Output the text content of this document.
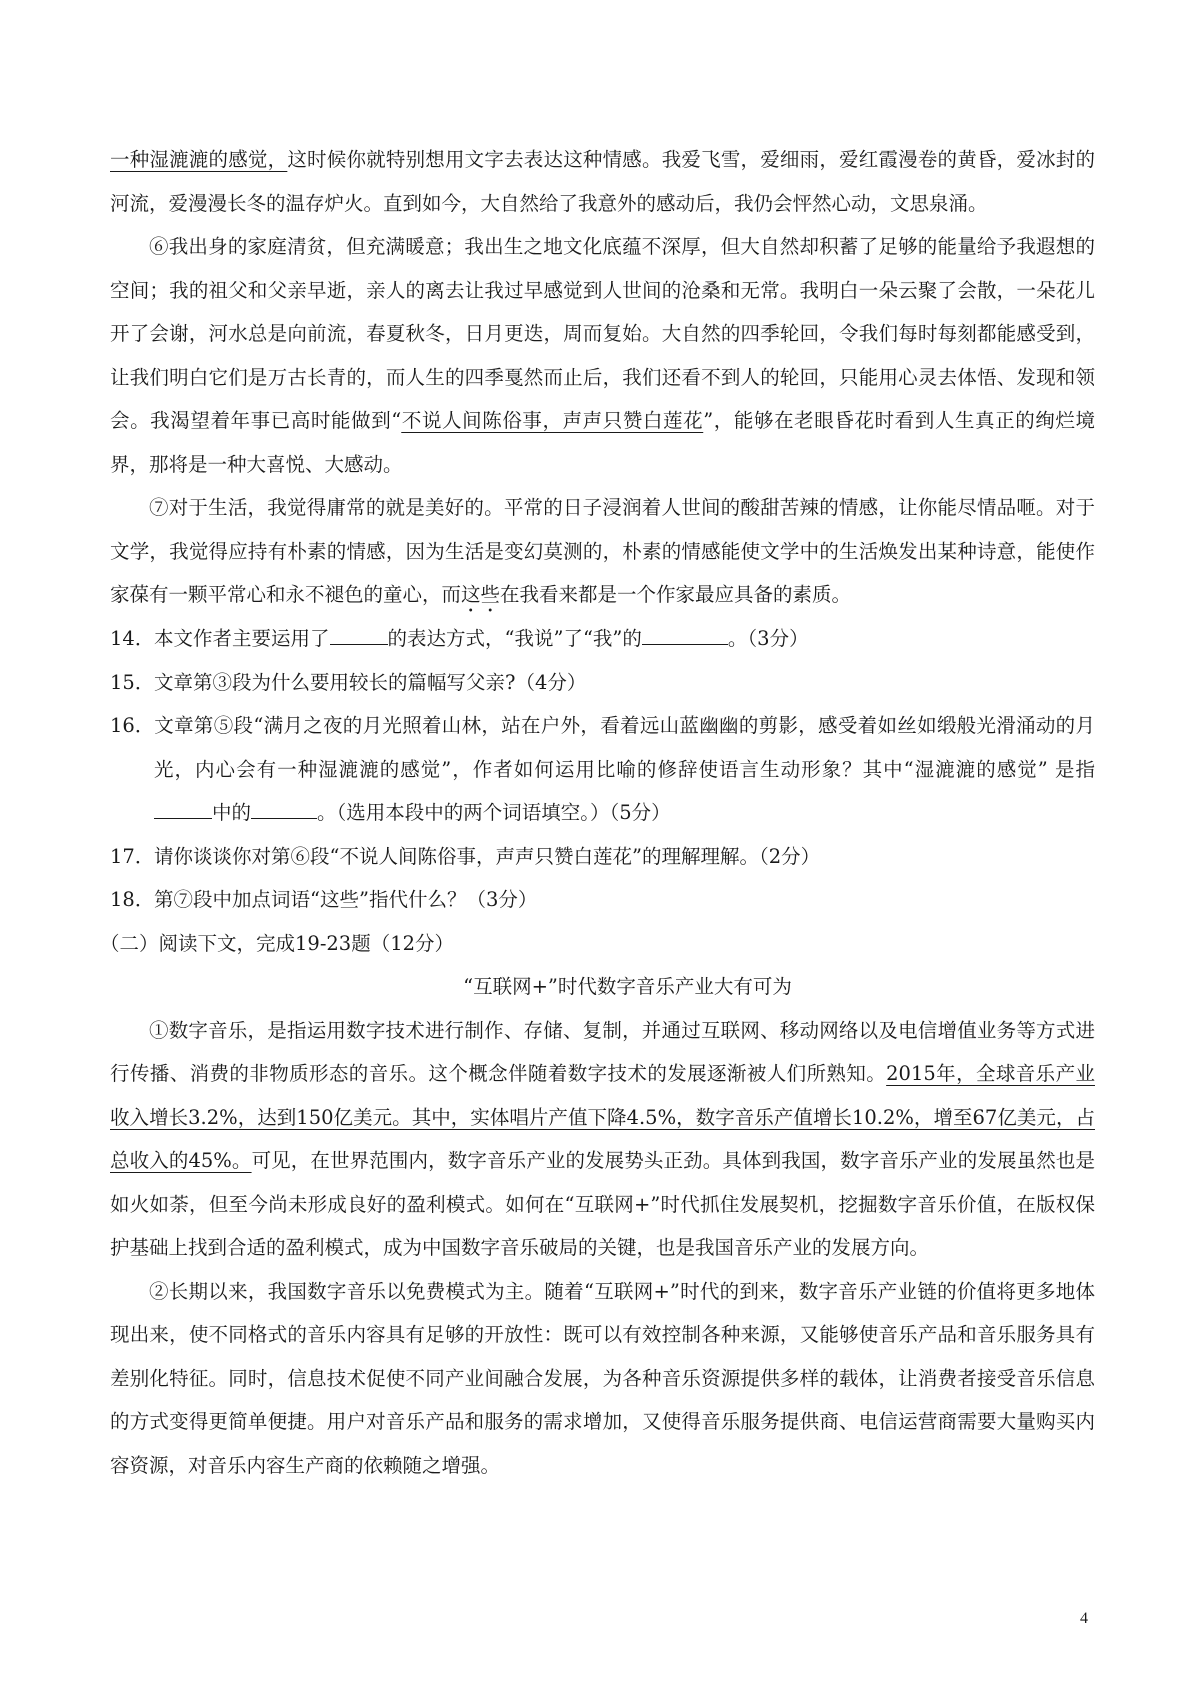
一种湿漉漉的感觉，这时候你就特别想用文字去表达这种情感。我爱飞雪，爱细雨，爱红霞漫卷的黄昏，爱冰封的河流，爱漫漫长冬的温存炉火。直到如今，大自然给了我意外的感动后，我仍会怦然心动，文思泉涌。

⑥我出身的家庭清贫，但充满暖意；我出生之地文化底蕴不深厚，但大自然却积蓄了足够的能量给予我遐想的空间；我的祖父和父亲早逝，亲人的离去让我过早感觉到人世间的沧桑和无常。我明白一朵云聚了会散，一朵花儿开了会谢，河水总是向前流，春夏秋冬，日月更迭，周而复始。大自然的四季轮回，令我们每时每刻都能感受到，让我们明白它们是万古长青的，而人生的四季戛然而止后，我们还看不到人的轮回，只能用心灵去体悟、发现和领会。我渴望着年事已高时能做到“不说人间陈俗事，声声只赞白莲花”，能够在老眼昏花时看到人生真正的绚烂境界，那将是一种大喜悦、大感动。

⑦对于生活，我觉得庸常的就是美好的。平常的日子浸润着人世间的酸甜苦辣的情感，让你能尽情品咂。对于文学，我觉得应持有朴素的情感，因为生活是变幻莫测的，朴素的情感能使文学中的生活焕发出某种诗意，能使作家葆有一颗平常心和永不褪色的童心，而这些在我看来都是一个作家最应具备的素质。

14．本文作者主要运用了	的表达方式，“我说”了“我”的	。（3分）

15．文章第③段为什么要用较长的篇幅写父亲?（4分）

16．文章第⑤段“满月之夜的月光照着山林，站在户外，看着远山蓝幽幽的剪影，感受着如丝如缎般光滑涌动的月光，内心会有一种湿漉漉的感觉”，作者如何运用比喻的修辞使语言生动形象？其中“湿漉漉的感觉” 是指中的	。（选用本段中的两个词语填空。）（5分）

17．请你谈谈你对第⑥段“不说人间陈俗事，声声只赞白莲花”的理解理解。（2分）

18．第⑦段中加点词语“这些”指代什么？（3分）

（二）阅读下文，完成19-23题（12分）

“互联网+”时代数字音乐产业大有可为

①数字音乐，是指运用数字技术进行制作、存储、复制，并通过互联网、移动网络以及电信增值业务等方式进行传播、消费的非物质形态的音乐。这个概念伴随着数字技术的发展逐渐被人们所熟知。2015年，全球音乐产业收入增长3.2%，达到150亿美元。其中，实体唱片产值下降4.5%，数字音乐产值增长10.2%，增至67亿美元，占总收入的45%。可见，在世界范围内，数字音乐产业的发展势头正劲。具体到我国，数字音乐产业的发展虽然也是如火如荼，但至今尚未形成良好的盈利模式。如何在“互联网+”时代抓住发展契机，挖掘数字音乐价值，在版权保护基础上找到合适的盈利模式，成为中国数字音乐破局的关键，也是我国音乐产业的发展方向。

②长期以来，我国数字音乐以免费模式为主。随着“互联网+”时代的到来，数字音乐产业链的价值将更多地体现出来，使不同格式的音乐内容具有足够的开放性：既可以有效控制各种来源，又能够使音乐产品和音乐服务具有差别化特征。同时，信息技术促使不同产业间融合发展，为各种音乐资源提供多样的载体，让消费者接受音乐信息的方式变得更简单便捷。用户对音乐产品和服务的需求增加，又使得音乐服务提供商、电信运营商需要大量购买内容资源，对音乐内容生产商的依赖随之增强。

4
